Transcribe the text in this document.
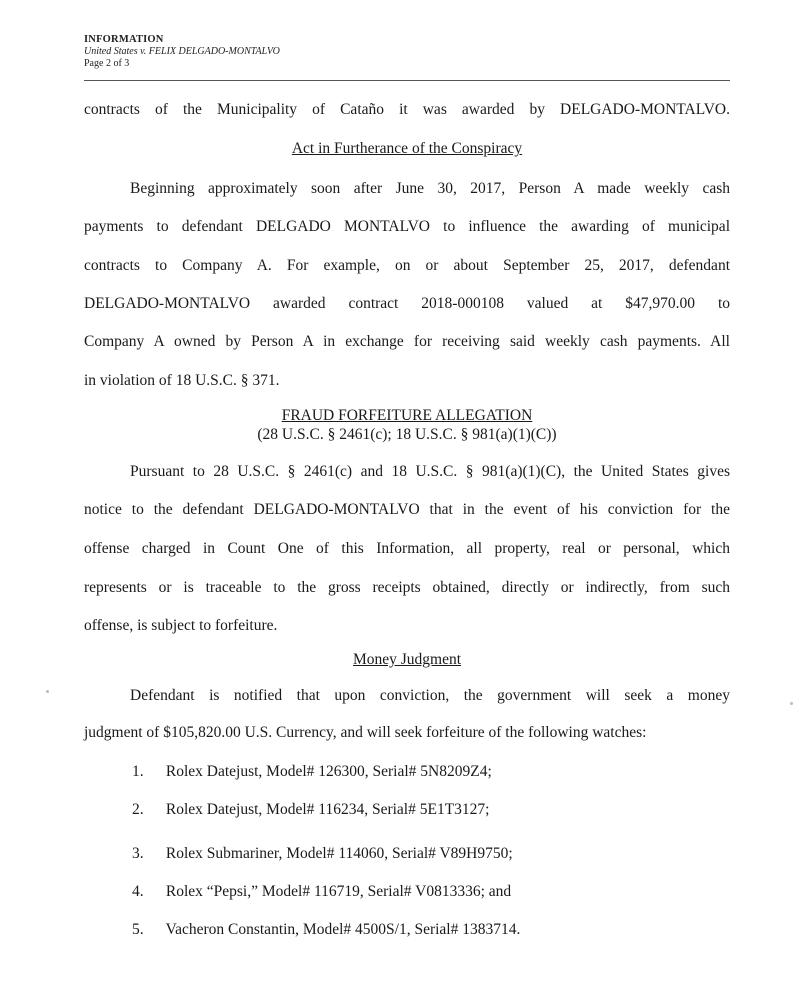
INFORMATION
United States v. FELIX DELGADO-MONTALVO
Page 2 of 3
contracts of the Municipality of Cataño it was awarded by DELGADO-MONTALVO.
Act in Furtherance of the Conspiracy
Beginning approximately soon after June 30, 2017, Person A made weekly cash
payments to defendant DELGADO MONTALVO to influence the awarding of municipal
contracts to Company A. For example, on or about September 25, 2017, defendant
DELGADO-MONTALVO awarded contract 2018-000108 valued at $47,970.00 to
Company A owned by Person A in exchange for receiving said weekly cash payments. All
in violation of 18 U.S.C. § 371.
FRAUD FORFEITURE ALLEGATION
(28 U.S.C. § 2461(c); 18 U.S.C. § 981(a)(1)(C))
Pursuant to 28 U.S.C. § 2461(c) and 18 U.S.C. § 981(a)(1)(C), the United States gives
notice to the defendant DELGADO-MONTALVO that in the event of his conviction for the
offense charged in Count One of this Information, all property, real or personal, which
represents or is traceable to the gross receipts obtained, directly or indirectly, from such
offense, is subject to forfeiture.
Money Judgment
Defendant is notified that upon conviction, the government will seek a money
judgment of $105,820.00 U.S. Currency, and will seek forfeiture of the following watches:
1. Rolex Datejust, Model# 126300, Serial# 5N8209Z4;
2. Rolex Datejust, Model# 116234, Serial# 5E1T3127;
3. Rolex Submariner, Model# 114060, Serial# V89H9750;
4. Rolex “Pepsi,” Model# 116719, Serial# V0813336; and
5. Vacheron Constantin, Model# 4500S/1, Serial# 1383714.
